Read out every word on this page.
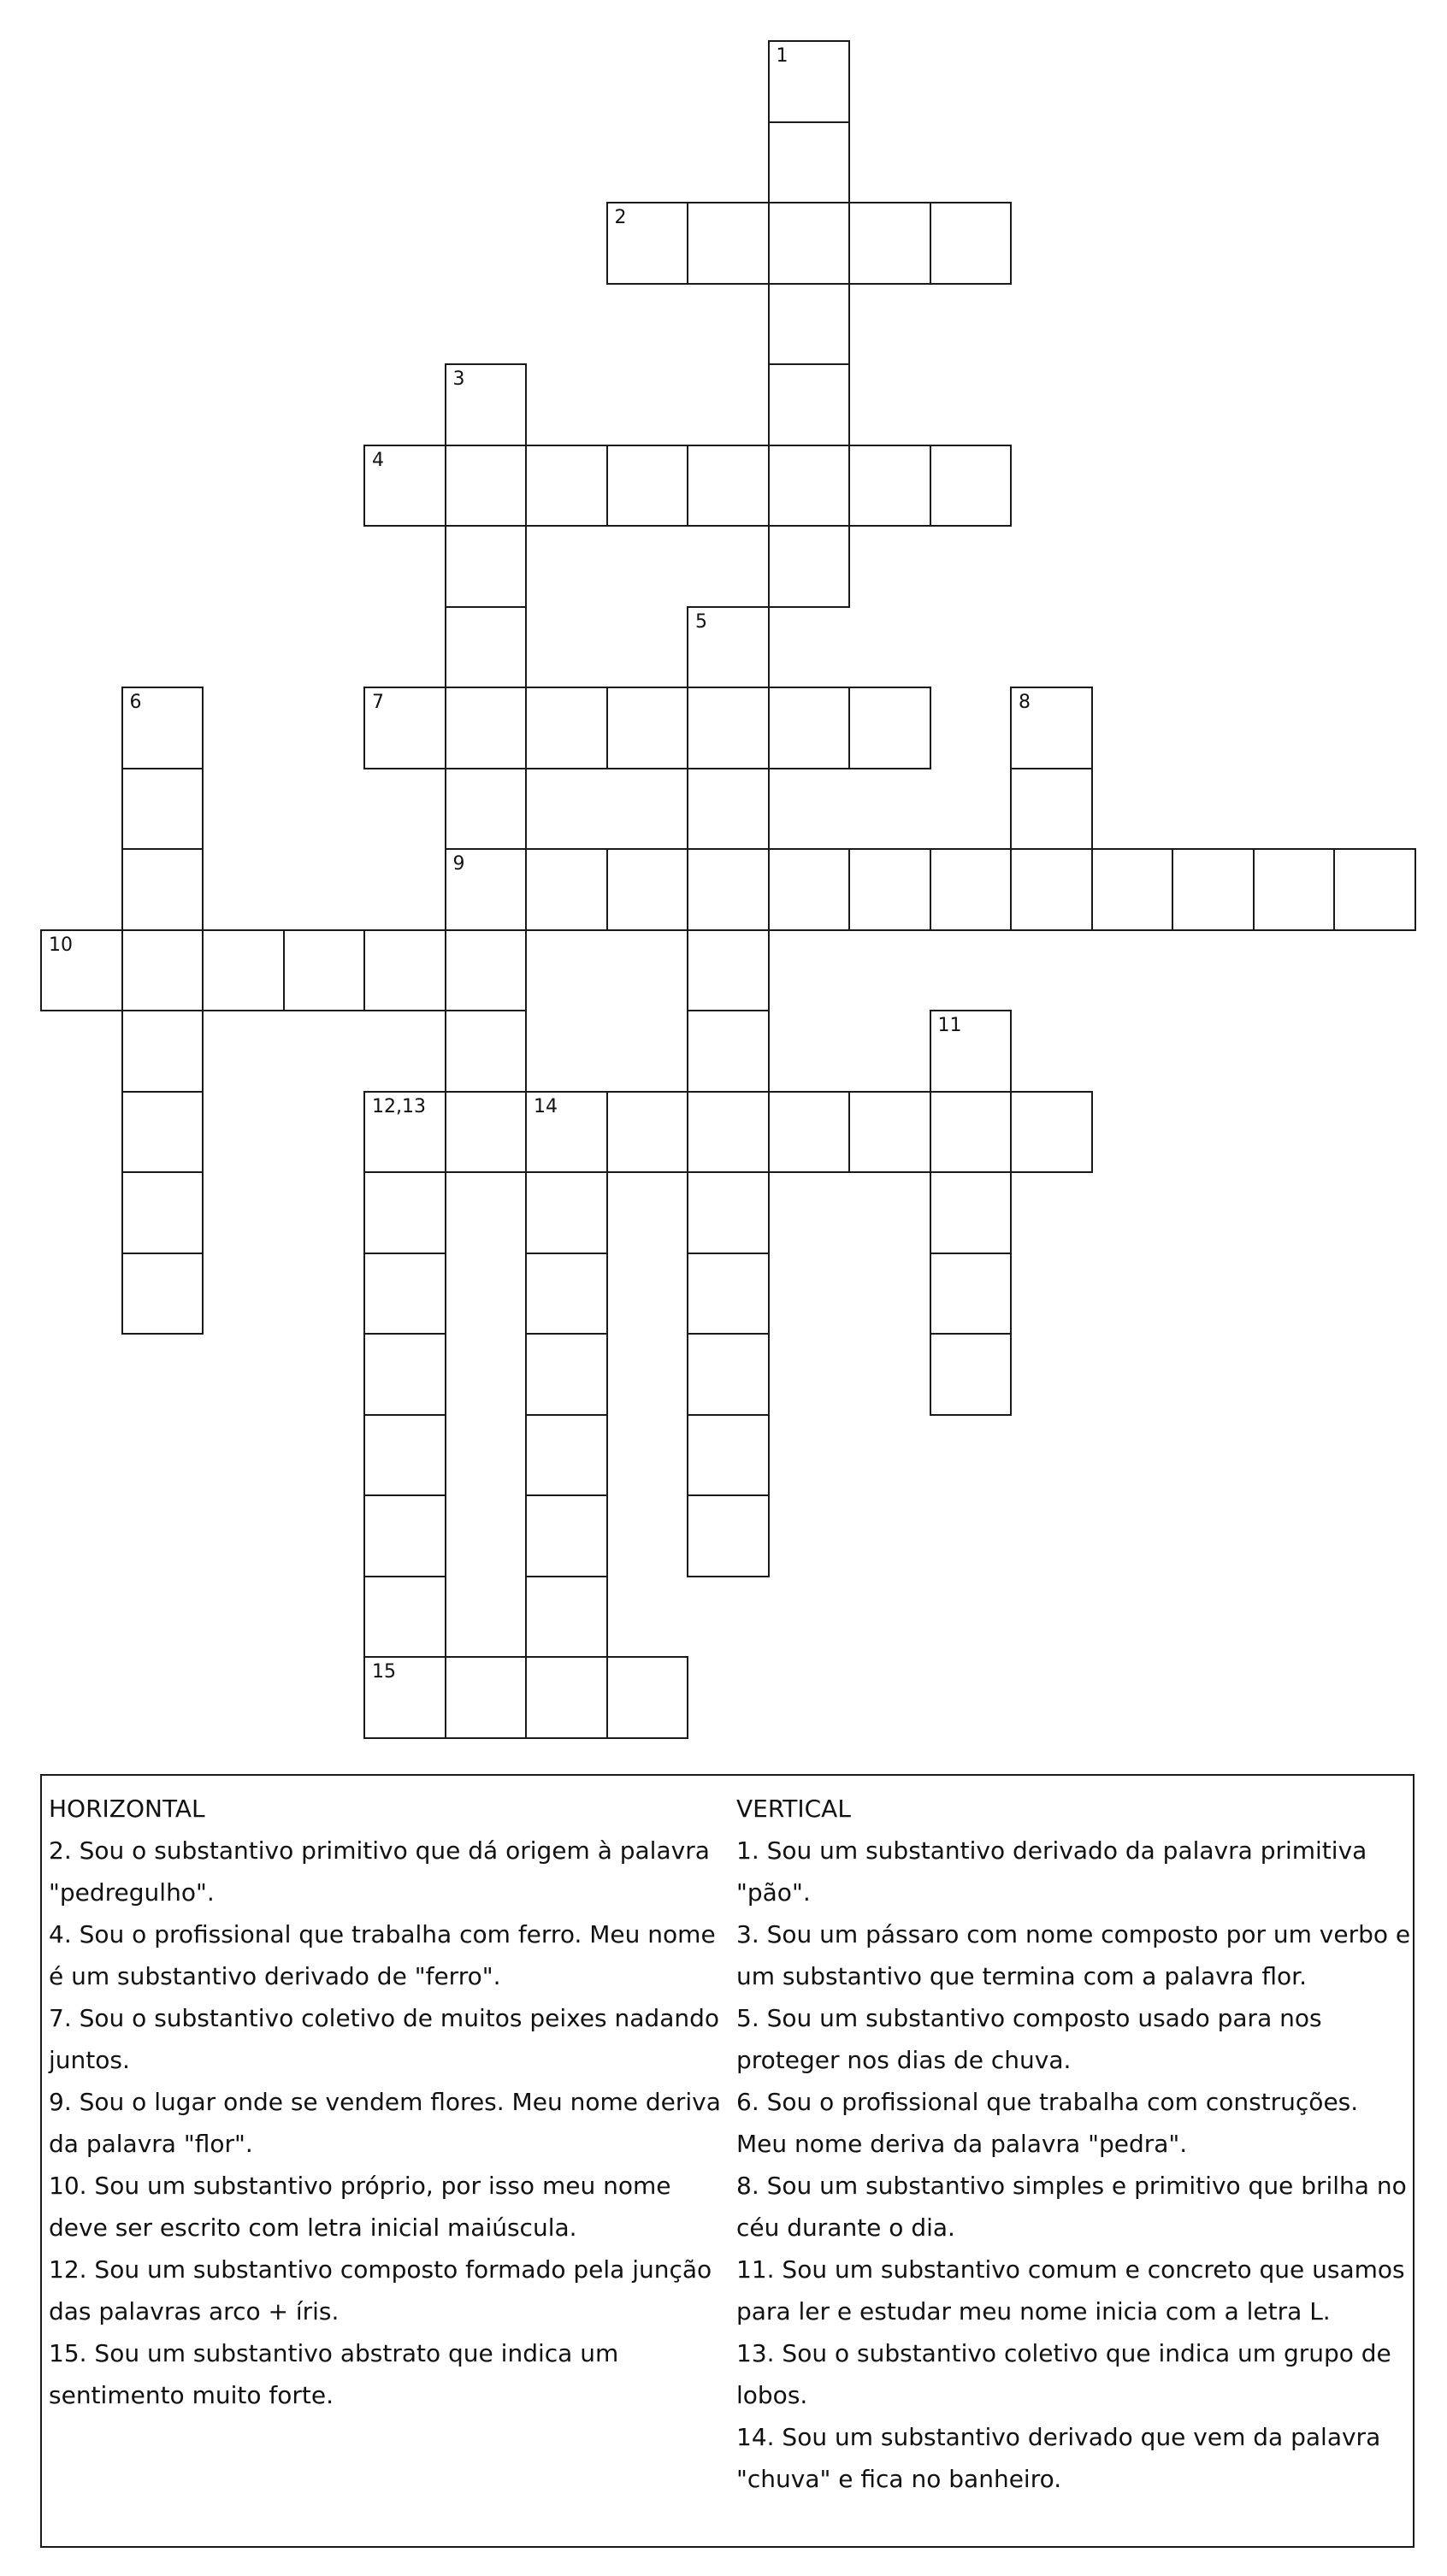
1
2
3
9
4
5
6	7	8
10
11
12,13	14
15
HORIZONTAL
2. Sou o substantivo primitivo que dá origem à palavra "pedregulho".
4. Sou o profissional que trabalha com ferro. Meu nome é um substantivo derivado de "ferro".
7. Sou o substantivo coletivo de muitos peixes nadando juntos.
9. Sou o lugar onde se vendem flores. Meu nome deriva da palavra "flor".
10. Sou um substantivo próprio, por isso meu nome deve ser escrito com letra inicial maiúscula.
12. Sou um substantivo composto formado pela junção das palavras arco + íris.
15. Sou um substantivo abstrato que indica um sentimento muito forte.
VERTICAL
1. Sou um substantivo derivado da palavra primitiva "pão".
3. Sou um pássaro com nome composto por um verbo e um substantivo que termina com a palavra flor.
5. Sou um substantivo composto usado para nos proteger nos dias de chuva.
6. Sou o profissional que trabalha com construções. Meu nome deriva da palavra "pedra".
8. Sou um substantivo simples e primitivo que brilha no céu durante o dia.
11. Sou um substantivo comum e concreto que usamos para ler e estudar meu nome inicia com a letra L.
13. Sou o substantivo coletivo que indica um grupo de lobos.
14. Sou um substantivo derivado que vem da palavra "chuva" e fica no banheiro.
